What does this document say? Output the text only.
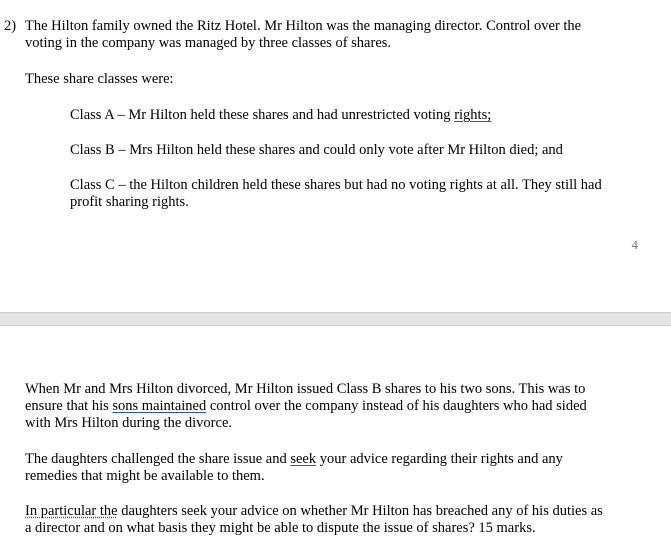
2) The Hilton family owned the Ritz Hotel. Mr Hilton was the managing director. Control over the
voting in the company was managed by three classes of shares.
These share classes were:
Class A – Mr Hilton held these shares and had unrestricted voting rights;
Class B – Mrs Hilton held these shares and could only vote after Mr Hilton died; and
Class C – the Hilton children held these shares but had no voting rights at all. They still had
profit sharing rights.
4
When Mr and Mrs Hilton divorced, Mr Hilton issued Class B shares to his two sons. This was to
ensure that his sons maintained control over the company instead of his daughters who had sided
with Mrs Hilton during the divorce.
The daughters challenged the share issue and seek your advice regarding their rights and any
remedies that might be available to them.
In particular the daughters seek your advice on whether Mr Hilton has breached any of his duties as
a director and on what basis they might be able to dispute the issue of shares? 15 marks.
